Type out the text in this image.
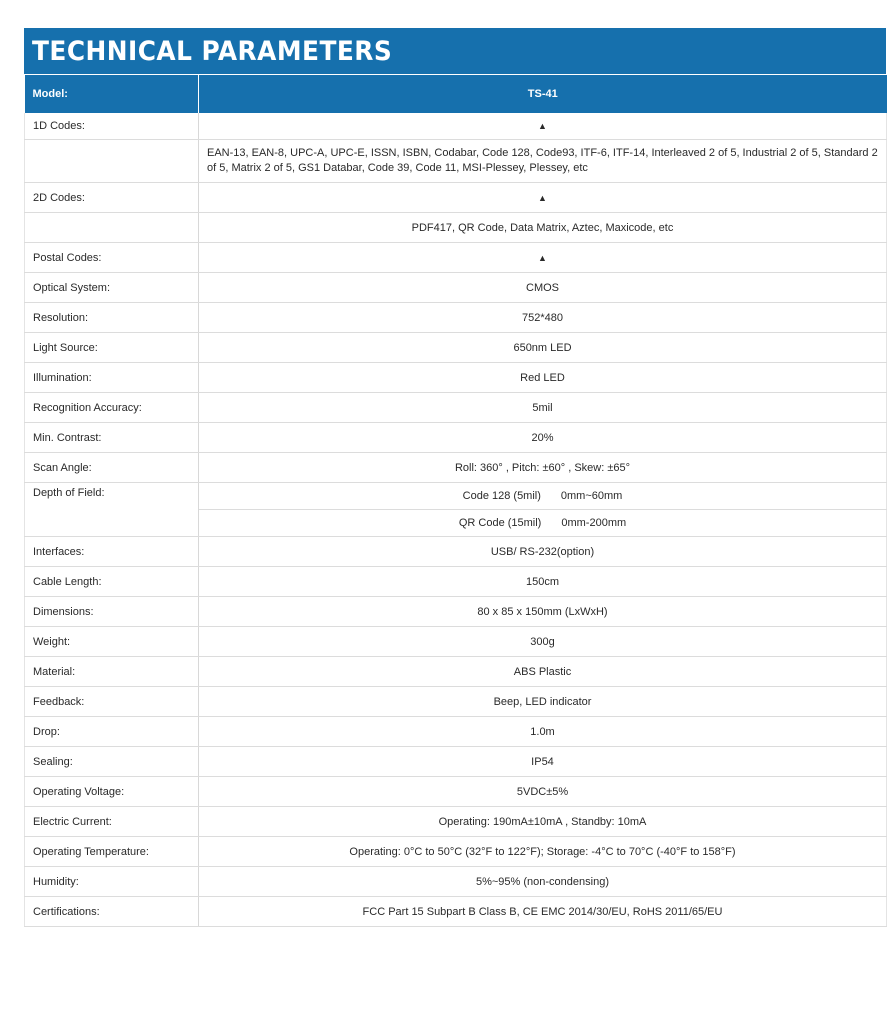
TECHNICAL PARAMETERS
Model:	TS-41
1D Codes:	▲
	EAN-13, EAN-8, UPC-A, UPC-E, ISSN, ISBN, Codabar, Code 128, Code93, ITF-6, ITF-14, Interleaved 2 of 5, Industrial 2 of 5, Standard 2 of 5, Matrix 2 of 5, GS1 Databar, Code 39, Code 11, MSI-Plessey, Plessey, etc
2D Codes:	▲
	PDF417, QR Code, Data Matrix, Aztec, Maxicode, etc
Postal Codes:	▲
Optical System:	CMOS
Resolution:	752*480
Light Source:	650nm LED
Illumination:	Red LED
Recognition Accuracy:	5mil
Min. Contrast:	20%
Scan Angle:	Roll: 360° , Pitch: ±60° , Skew: ±65°
Depth of Field:	Code 128 (5mil) 0mm~60mm
	QR Code (15mil) 0mm-200mm
Interfaces:	USB/ RS-232(option)
Cable Length:	150cm
Dimensions:	80 x 85 x 150mm (LxWxH)
Weight:	300g
Material:	ABS Plastic
Feedback:	Beep, LED indicator
Drop:	1.0m
Sealing:	IP54
Operating Voltage:	5VDC±5%
Electric Current:	Operating: 190mA±10mA , Standby: 10mA
Operating Temperature:	Operating: 0°C to 50°C (32°F to 122°F); Storage: -4°C to 70°C (-40°F to 158°F)
Humidity:	5%~95% (non-condensing)
Certifications:	FCC Part 15 Subpart B Class B, CE EMC 2014/30/EU, RoHS 2011/65/EU
